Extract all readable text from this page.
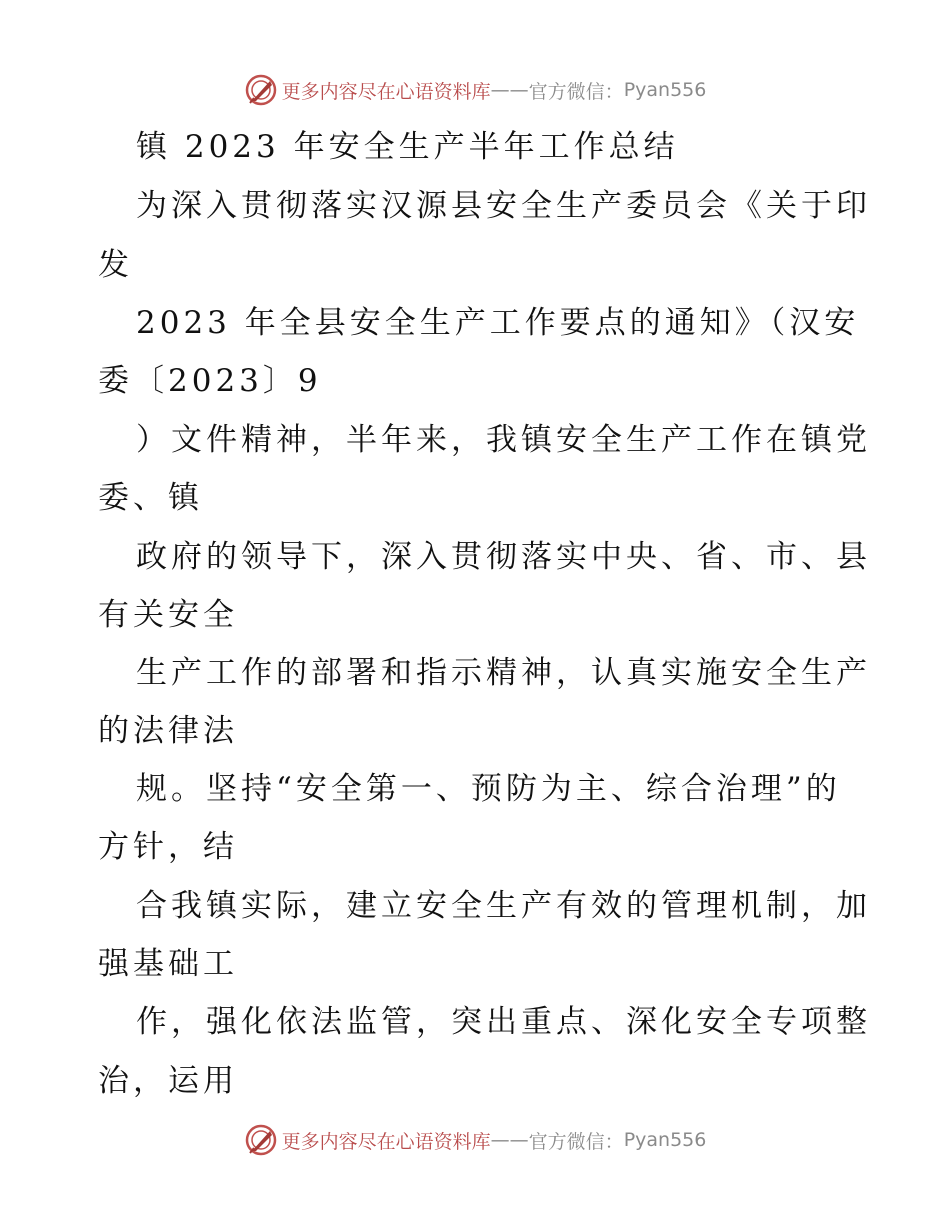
更多内容尽在心语资料库 —— 官方微信： Pyan556
镇 2023 年安全生产半年工作总结
为深入贯彻落实汉源县安全生产委员会《关于印
发
2023 年全县安全生产工作要点的通知》（汉安
委〔2023〕9
）文件精神，半年来，我镇安全生产工作在镇党
委、镇
政府的领导下，深入贯彻落实中央、省、市、县
有关安全
生产工作的部署和指示精神，认真实施安全生产
的法律法
规。坚持“安全第一、预防为主、综合治理”的
方针，结
合我镇实际，建立安全生产有效的管理机制，加
强基础工
作，强化依法监管，突出重点、深化安全专项整
治，运用
更多内容尽在心语资料库 —— 官方微信： Pyan556
